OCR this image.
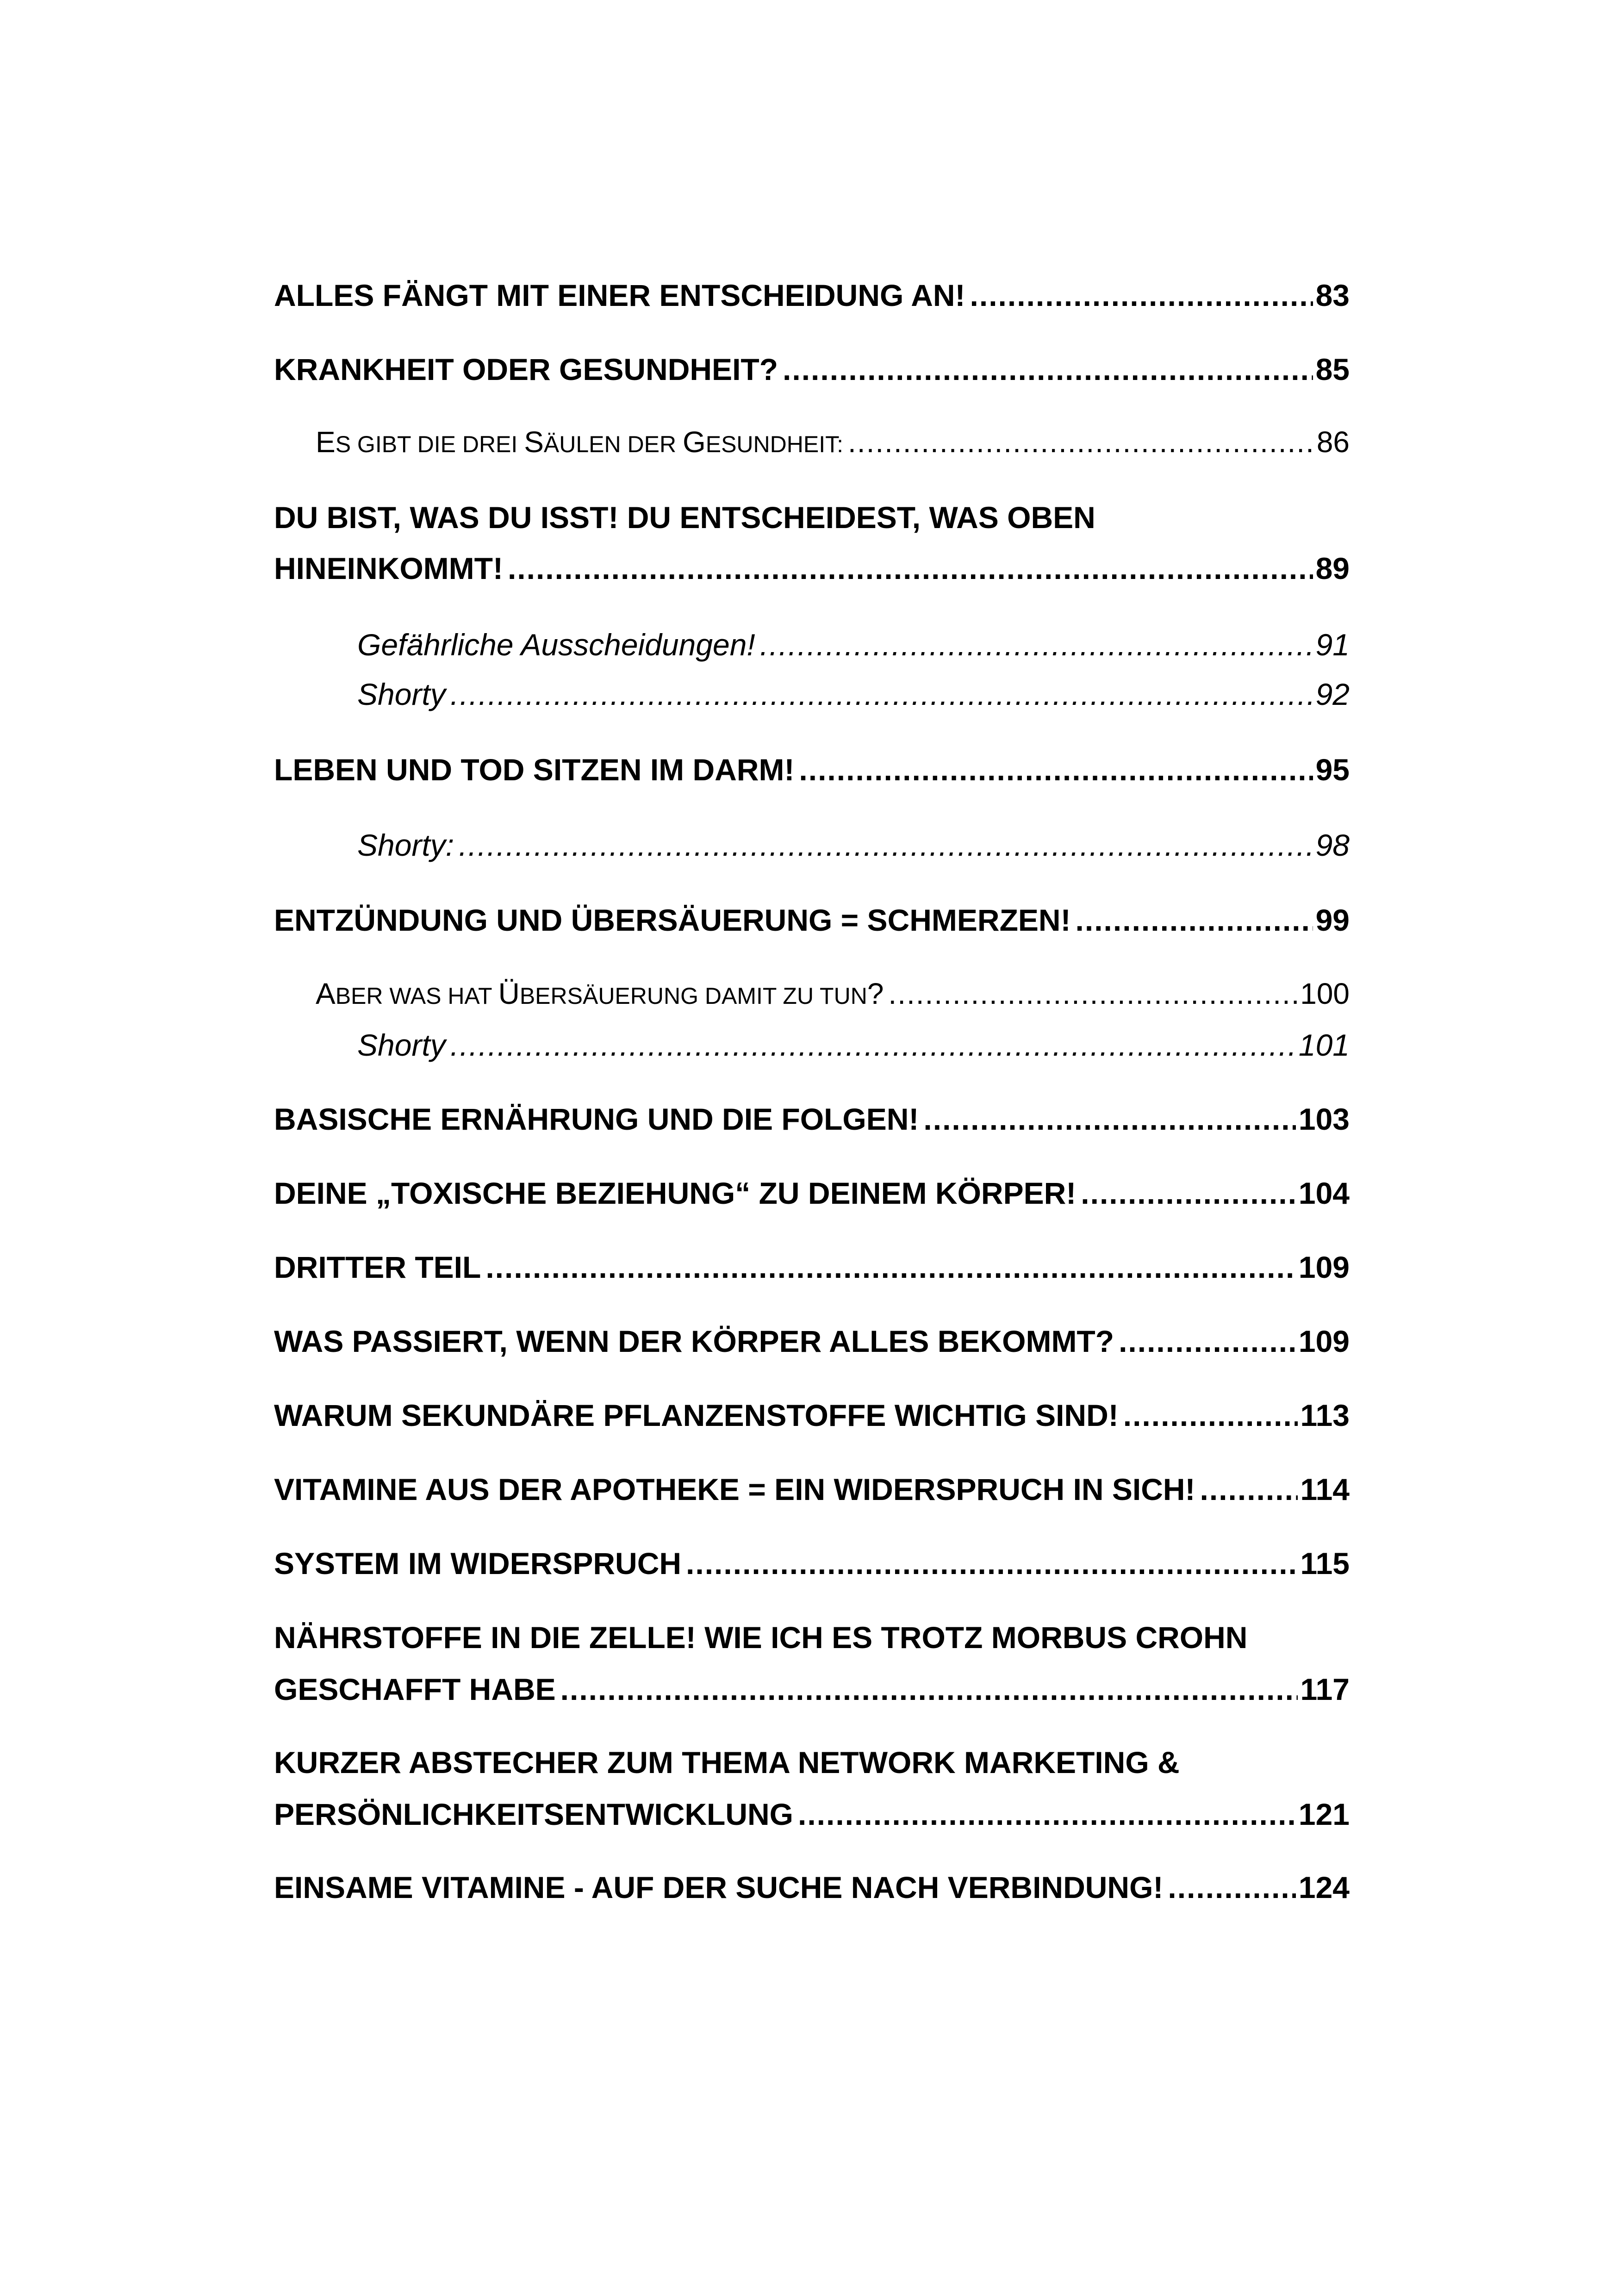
ALLES FÄNGT MIT EINER ENTSCHEIDUNG AN! .....	83
KRANKHEIT ODER GESUNDHEIT? .....	85
ES GIBT DIE DREI SÄULEN DER GESUNDHEIT: .....	86
DU BIST, WAS DU ISST! DU ENTSCHEIDEST, WAS OBEN
HINEINKOMMT! .....	89
Gefährliche Ausscheidungen! .....	91
Shorty .....	92
LEBEN UND TOD SITZEN IM DARM! .....	95
Shorty: .....	98
ENTZÜNDUNG UND ÜBERSÄUERUNG = SCHMERZEN! .....	99
ABER WAS HAT ÜBERSÄUERUNG DAMIT ZU TUN? .....	100
Shorty .....	101
BASISCHE ERNÄHRUNG UND DIE FOLGEN! .....	103
DEINE „TOXISCHE BEZIEHUNG“ ZU DEINEM KÖRPER! .....	104
DRITTER TEIL .....	109
WAS PASSIERT, WENN DER KÖRPER ALLES BEKOMMT? .....	109
WARUM SEKUNDÄRE PFLANZENSTOFFE WICHTIG SIND! .....	113
VITAMINE AUS DER APOTHEKE = EIN WIDERSPRUCH IN SICH! .....	114
SYSTEM IM WIDERSPRUCH .....	115
NÄHRSTOFFE IN DIE ZELLE! WIE ICH ES TROTZ MORBUS CROHN
GESCHAFFT HABE .....	117
KURZER ABSTECHER ZUM THEMA NETWORK MARKETING &
PERSÖNLICHKEITSENTWICKLUNG .....	121
EINSAME VITAMINE - AUF DER SUCHE NACH VERBINDUNG! .....	124
